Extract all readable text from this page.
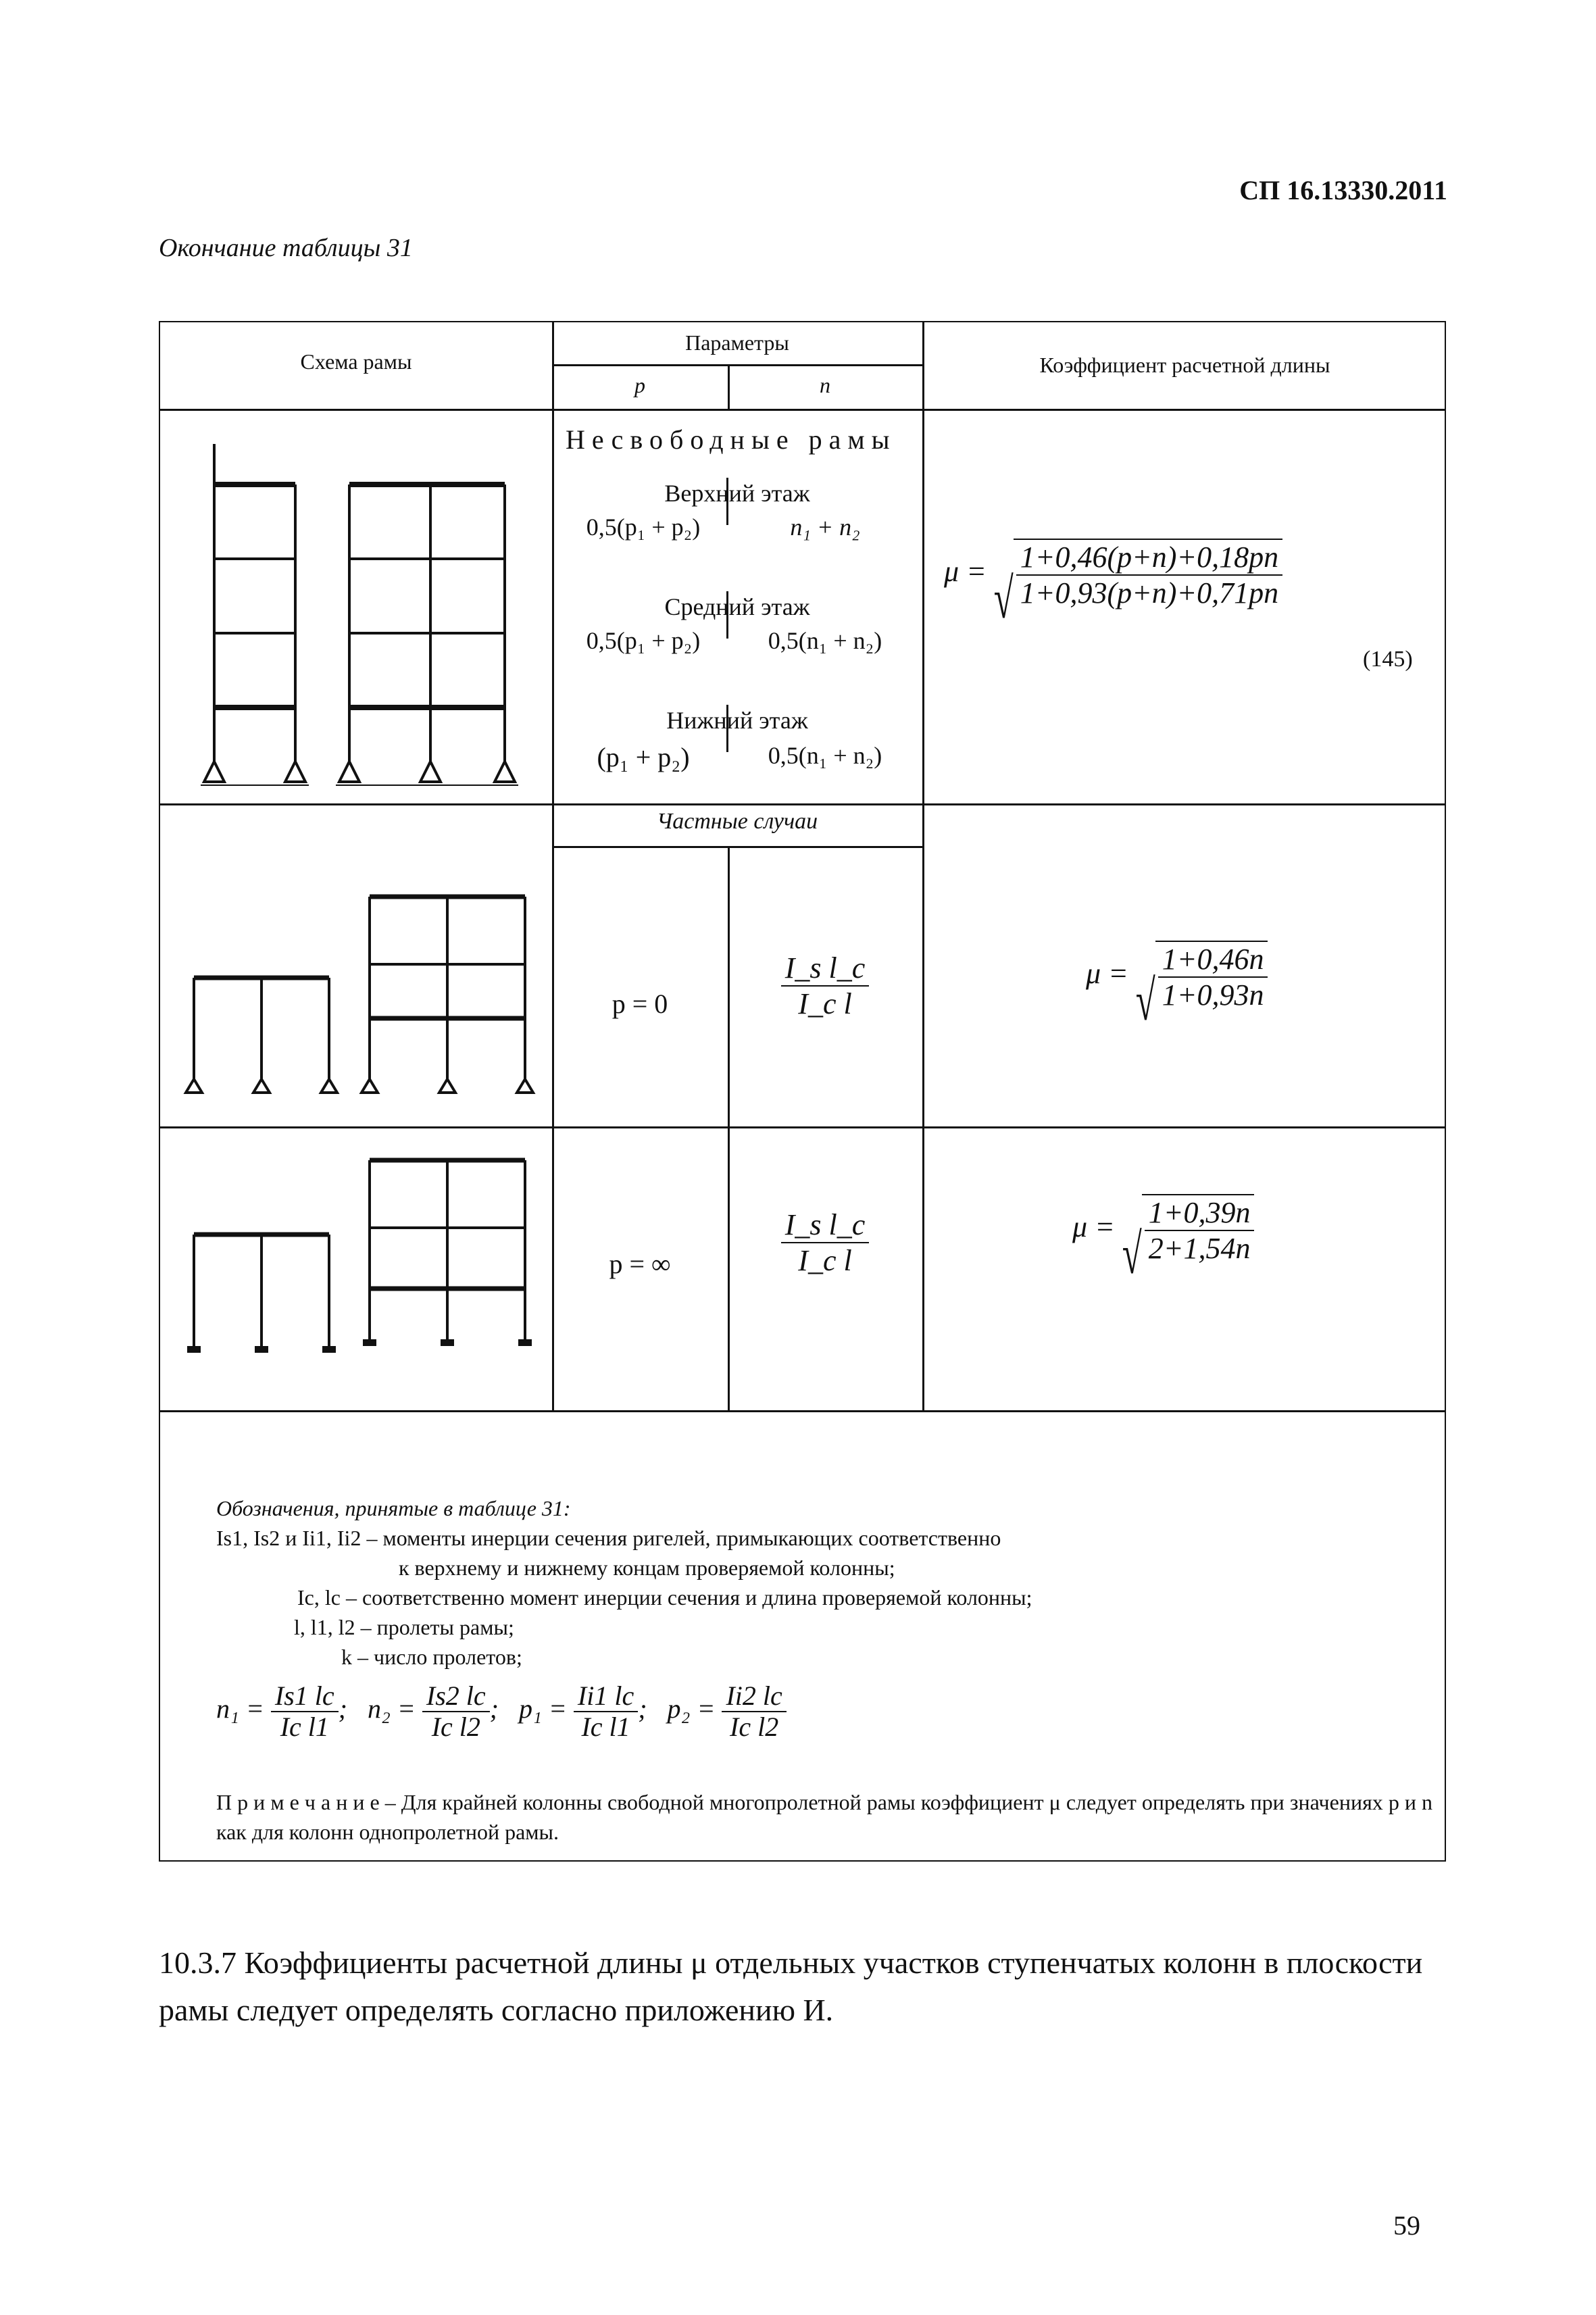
СП 16.13330.2011
Окончание таблицы 31
Схема рамы
Параметры
p	n
Коэффициент расчетной длины
Несвободные рамы
Верхний этаж
0,5(p₁ + p₂)	n₁ + n₂
Средний этаж
0,5(p₁ + p₂)	0,5(n₁ + n₂)
Нижний этаж
(p₁ + p₂)	0,5(n₁ + n₂)
μ = √ $\frac{1+0,46(p+n)+0,18pn}{1+0,93(p+n)+0,71pn}$
(145)
Частные случаи
p = 0	$\frac{\text{I\_s l\_c}}{\text{I\_c l}}$	μ = √ $\frac{1+0,46n}{1+0,93n}$
p = ∞	$\frac{\text{I\_s l\_c}}{\text{I\_c l}}$	μ = √ $\frac{1+0,39n}{2+1,54n}$
Обозначения, принятые в таблице 31:
Is1, Is2 и Ii1, Ii2 – моменты инерции сечения ригелей, примыкающих соответственно
к верхнему и нижнему концам проверяемой колонны;
Ic, lc – соответственно момент инерции сечения и длина проверяемой колонны;
l, l1, l2 – пролеты рамы;
k – число пролетов;
$n_1 = \frac{Is1 lc}{\text{Ic l1}}$ ; $n_2 = \frac{Is2 lc}{\text{Ic l2}}$ ; $p_1 = \frac{Ii1 lc}{\text{Ic l1}}$ ; $p_2 = \frac{Ii2 lc}{\text{Ic l2}}$
П р и м е ч а н и е – Для крайней колонны свободной многопролетной рамы коэффициент μ следует определять при значениях p и n как для колонн однопролетной рамы.
10.3.7 Коэффициенты расчетной длины μ отдельных участков ступенчатых колонн в плоскости рамы следует определять согласно приложению И.
59
